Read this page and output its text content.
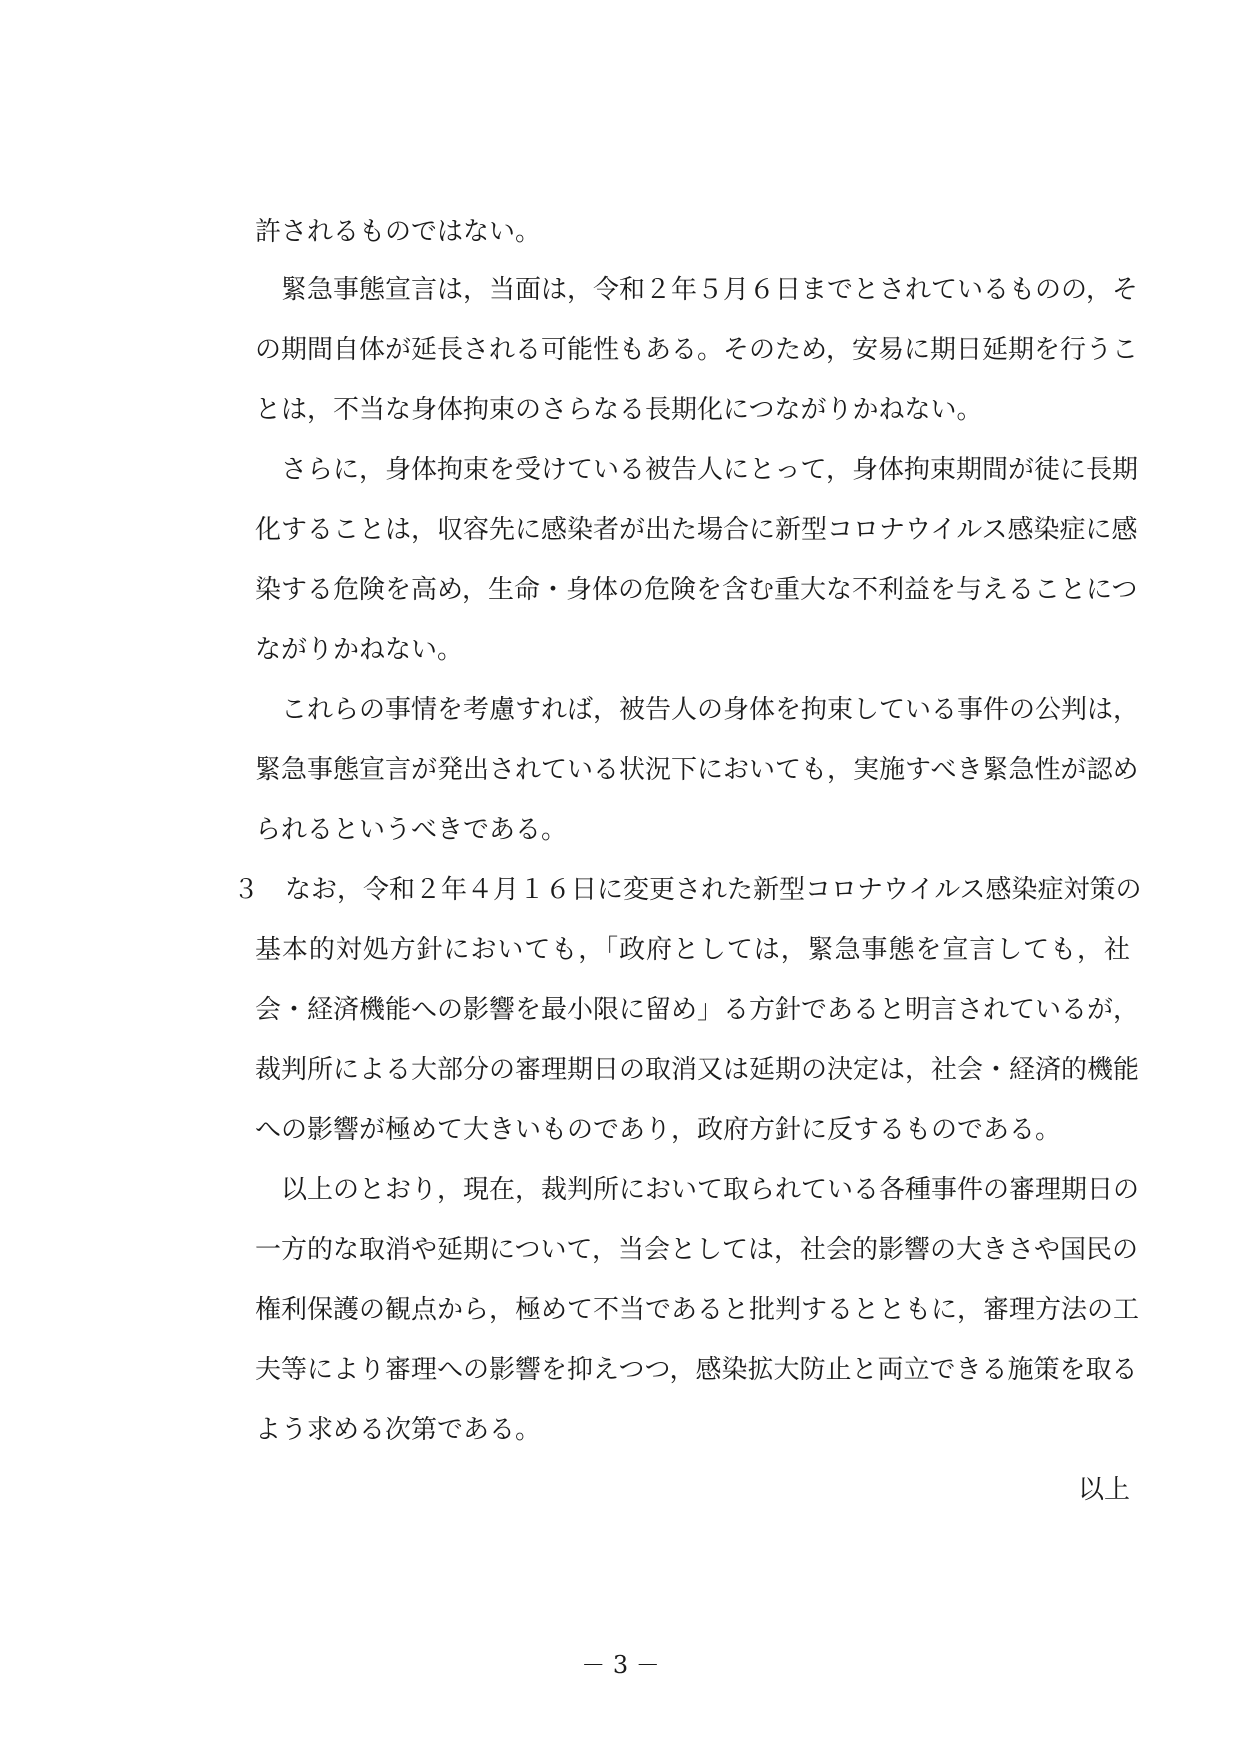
許されるものではない。
　緊急事態宣言は，当面は，令和２年５月６日までとされているものの，そ
の期間自体が延長される可能性もある。そのため，安易に期日延期を行うこ
とは，不当な身体拘束のさらなる長期化につながりかねない。
　さらに，身体拘束を受けている被告人にとって，身体拘束期間が徒に長期
化することは，収容先に感染者が出た場合に新型コロナウイルス感染症に感
染する危険を高め，生命・身体の危険を含む重大な不利益を与えることにつ
ながりかねない。
　これらの事情を考慮すれば，被告人の身体を拘束している事件の公判は，
緊急事態宣言が発出されている状況下においても，実施すべき緊急性が認め
られるというべきである。
３　なお，令和２年４月１６日に変更された新型コロナウイルス感染症対策の
基本的対処方針においても，「政府としては，緊急事態を宣言しても，社
会・経済機能への影響を最小限に留め」る方針であると明言されているが，
裁判所による大部分の審理期日の取消又は延期の決定は，社会・経済的機能
への影響が極めて大きいものであり，政府方針に反するものである。
　以上のとおり，現在，裁判所において取られている各種事件の審理期日の
一方的な取消や延期について，当会としては，社会的影響の大きさや国民の
権利保護の観点から，極めて不当であると批判するとともに，審理方法の工
夫等により審理への影響を抑えつつ，感染拡大防止と両立できる施策を取る
よう求める次第である。
以上
－ 3 －
